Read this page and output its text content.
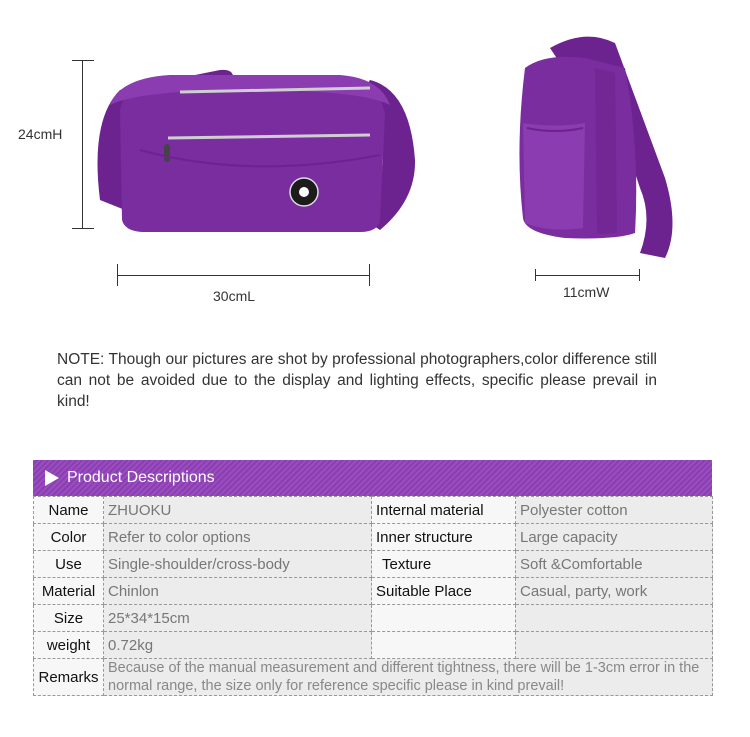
24cmH
30cmL	11cmW
NOTE: Though our pictures are shot by professional photographers,color difference still can not be avoided due to the display and lighting effects, specific please prevail in kind!
Product Descriptions
Name	ZHUOKU	Internal material	Polyester cotton
Color	Refer to color options	Inner structure	Large capacity
Use	Single-shoulder/cross-body	Texture	Soft &Comfortable
Material	Chinlon	Suitable Place	Casual, party, work
Size	25*34*15cm		
weight	0.72kg		
Remarks	Because of the manual measurement and different tightness, there will be 1-3cm error in the normal range, the size only for reference specific please in kind prevail!		
